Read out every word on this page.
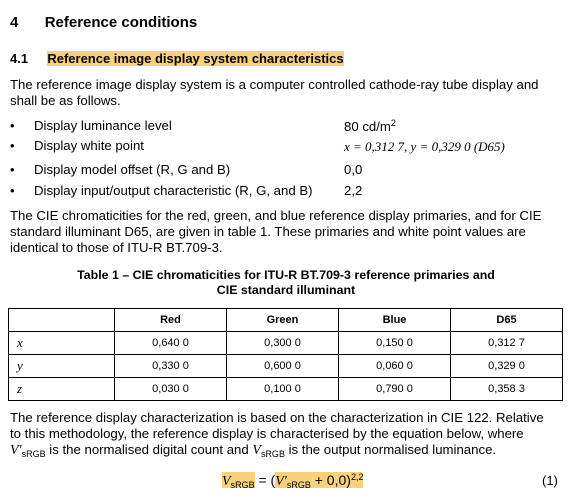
4 Reference conditions
4.1 Reference image display system characteristics
The reference image display system is a computer controlled cathode-ray tube display and shall be as follows.
• Display luminance level	80 $cd/m^2$
• Display white point	x = 0,312 7, y = 0,329 0 (D65)
• Display model offset (R, G and B)	0,0
• Display input/output characteristic (R, G, and B) 2,2
The CIE chromaticities for the red, green, and blue reference display primaries, and for CIE standard illuminant D65, are given in table 1. These primaries and white point values are identical to those of ITU-R BT.709-3.
Table 1 – CIE chromaticities for ITU-R BT.709-3 reference primaries and
CIE standard illuminant
	Red	Green	Blue	D65
x	0,640 0	0,300 0	0,150 0	0,312 7
y	0,330 0	0,600 0	0,060 0	0,329 0
z	0,030 0	0,100 0	0,790 0	0,358 3
The reference display characterization is based on the characterization in CIE 122. Relative
to this methodology, the reference display is characterised by the equation below, where
$V'_{sRGB}$ is the normalised digital count and $V_{sRGB}$ is the output normalised luminance.
$V_{sRGB} = (V'_{sRGB} + 0,0)^{2,2}$	(1)
